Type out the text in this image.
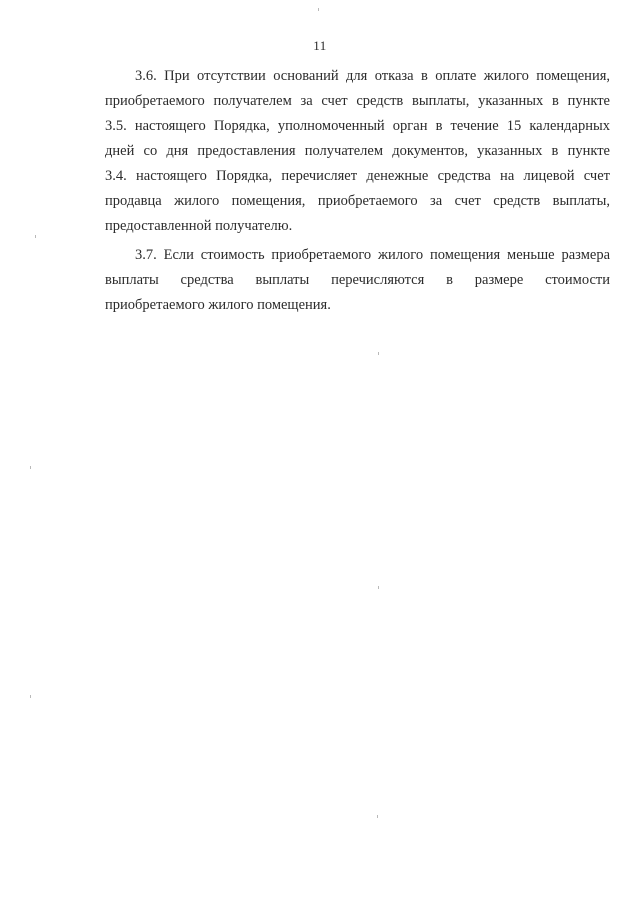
11
3.6. При отсутствии оснований для отказа в оплате жилого помещения,
приобретаемого получателем за счет средств выплаты, указанных в пункте
3.5. настоящего Порядка, уполномоченный орган в течение 15 календарных
дней со дня предоставления получателем документов, указанных в пункте
3.4. настоящего Порядка, перечисляет денежные средства на лицевой счет
продавца жилого помещения, приобретаемого за счет средств выплаты,
предоставленной получателю.
3.7. Если стоимость приобретаемого жилого помещения меньше размера
выплаты средства выплаты перечисляются в размере стоимости
приобретаемого жилого помещения.
